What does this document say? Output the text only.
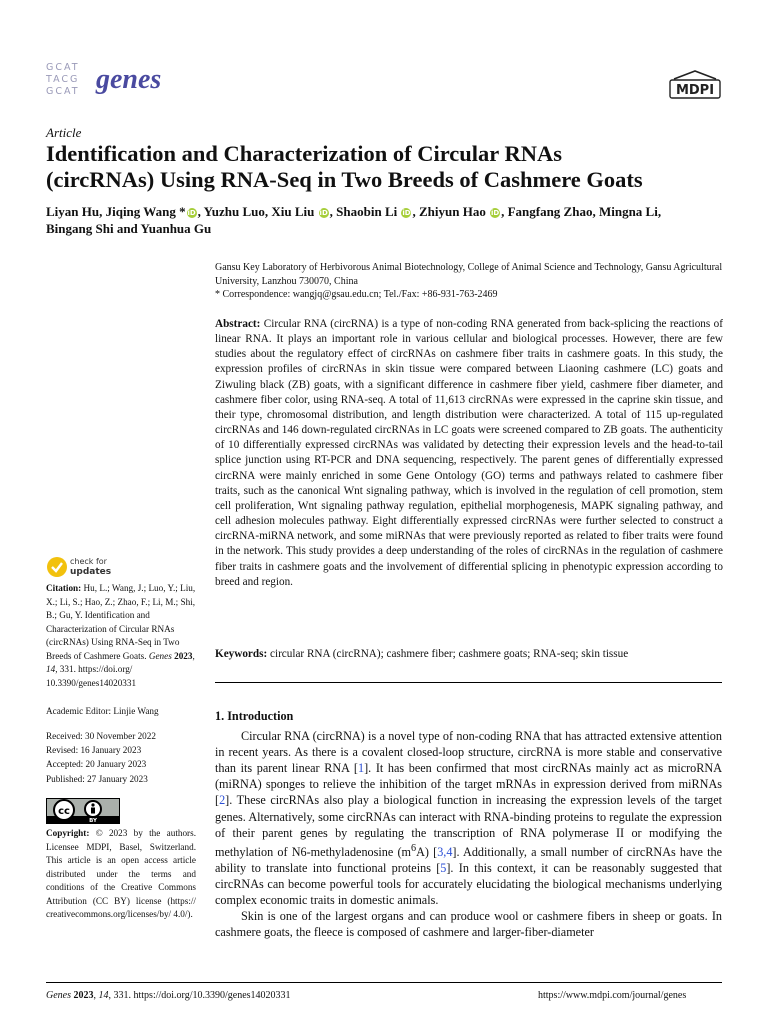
GCAT
TACG
GCAT genes	MDPI
Article
Identification and Characterization of Circular RNAs
(circRNAs) Using RNA-Seq in Two Breeds of Cashmere Goats
Liyan Hu, Jiqing Wang * iD , Yuzhu Luo, Xiu Liu iD , Shaobin Li iD , Zhiyun Hao iD , Fangfang Zhao, Mingna Li,
Bingang Shi and Yuanhua Gu
Gansu Key Laboratory of Herbivorous Animal Biotechnology, College of Animal Science and Technology, Gansu Agricultural University, Lanzhou 730070, China
* Correspondence: wangjq@gsau.edu.cn; Tel./Fax: +86-931-763-2469
Abstract: Circular RNA (circRNA) is a type of non-coding RNA generated from back-splicing the reactions of linear RNA. It plays an important role in various cellular and biological processes. However, there are few studies about the regulatory effect of circRNAs on cashmere fiber traits in cashmere goats. In this study, the expression profiles of circRNAs in skin tissue were compared between Liaoning cashmere (LC) goats and Ziwuling black (ZB) goats, with a significant difference in cashmere fiber yield, cashmere fiber diameter, and cashmere fiber color, using RNA-seq. A total of 11,613 circRNAs were expressed in the caprine skin tissue, and their type, chromosomal distribution, and length distribution were characterized. A total of 115 up-regulated circRNAs and 146 down-regulated circRNAs in LC goats were screened compared to ZB goats. The authenticity of 10 differentially expressed circRNAs was validated by detecting their expression levels and the head-to-tail splice junction using RT-PCR and DNA sequencing, respectively. The parent genes of differentially expressed circRNA were mainly enriched in some Gene Ontology (GO) terms and pathways related to cashmere fiber traits, such as the canonical Wnt signaling pathway, which is involved in the regulation of cell promotion, stem cell proliferation, Wnt signaling pathway regulation, epithelial morphogenesis, MAPK signaling pathway, and cell adhesion molecules pathway. Eight differentially expressed circRNAs were further selected to construct a circRNA-miRNA network, and some miRNAs that were previously reported as related to fiber traits were found in the network. This study provides a deep understanding of the roles of circRNAs in the regulation of cashmere fiber traits in cashmere goats and the involvement of differential splicing in phenotypic expression according to breed and region.
Keywords: circular RNA (circRNA); cashmere fiber; cashmere goats; RNA-seq; skin tissue
1. Introduction

Circular RNA (circRNA) is a novel type of non-coding RNA that has attracted extensive attention in recent years. As there is a covalent closed-loop structure, circRNA is more stable and conservative than its parent linear RNA [1]. It has been confirmed that most circRNAs mainly act as microRNA (miRNA) sponges to relieve the inhibition of the target mRNAs in expression derived from miRNAs [2]. These circRNAs also play a biological function in increasing the expression levels of the target genes. Alternatively, some circRNAs can interact with RNA-binding proteins to regulate the expression of their parent genes by regulating the transcription of RNA polymerase II or modifying the methylation of N6-methyladenosine $(m^6A)$ [3,4]. Additionally, a small number of circRNAs have the ability to translate into functional proteins [5]. In this context, it can be reasonably suggested that circRNAs can become powerful tools for accurately elucidating the biological mechanisms underlying complex economic traits in domestic animals.

Skin is one of the largest organs and can produce wool or cashmere fibers in sheep or goats. In cashmere goats, the fleece is composed of cashmere and larger-fiber-diameter

check for
updates
Citation: Hu, L.; Wang, J.; Luo, Y.; Liu, X.; Li, S.; Hao, Z.; Zhao, F.; Li, M.; Shi, B.; Gu, Y. Identification and Characterization of Circular RNAs (circRNAs) Using RNA-Seq in Two Breeds of Cashmere Goats. Genes 2023, 14, 331. https://doi.org/ 10.3390/genes14020331
Academic Editor: Linjie Wang
Received: 30 November 2022
Revised: 16 January 2023
Accepted: 20 January 2023
Published: 27 January 2023
cc
BY
Copyright: © 2023 by the authors. Licensee MDPI, Basel, Switzerland. This article is an open access article distributed under the terms and conditions of the Creative Commons Attribution (CC BY) license (https:// creativecommons.org/licenses/by/ 4.0/).
Genes 2023, 14, 331. https://doi.org/10.3390/genes14020331	https://www.mdpi.com/journal/genes
